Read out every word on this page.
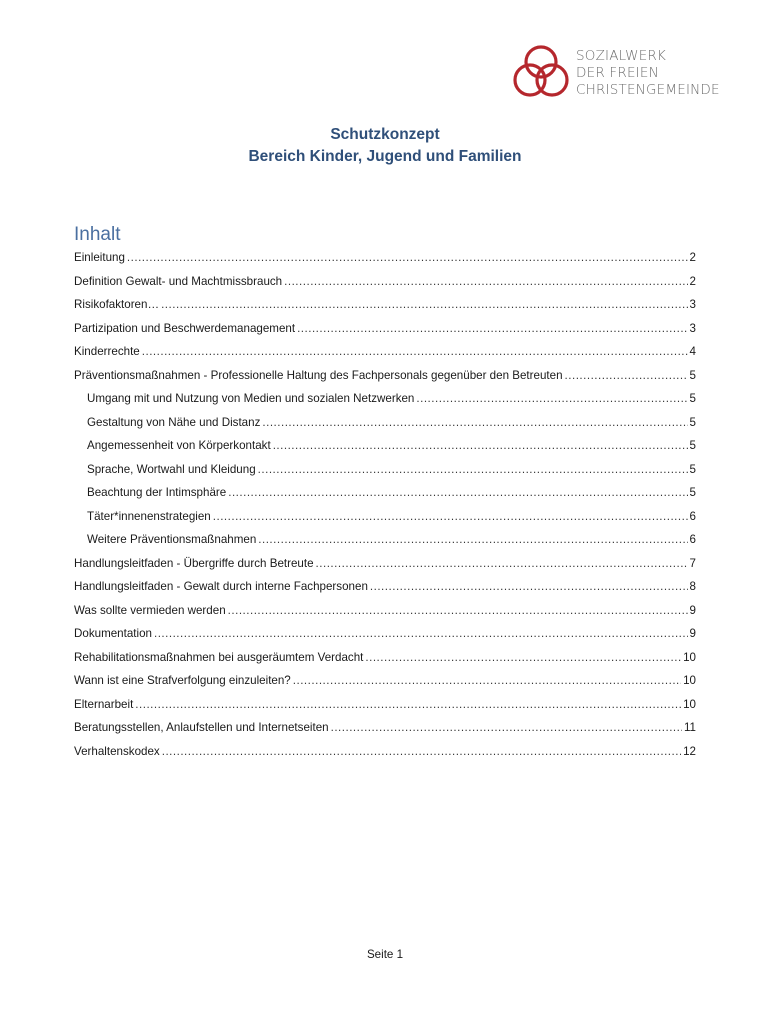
SOZIALWERK
DER FREIEN
CHRISTENGEMEINDE
Schutzkonzept
Bereich Kinder, Jugend und Familien
Inhalt
Einleitung .....	2
Definition Gewalt- und Machtmissbrauch .....	2
Risikofaktoren… .....	3
Partizipation und Beschwerdemanagement .....	3
Kinderrechte .....	4
Präventionsmaßnahmen - Professionelle Haltung des Fachpersonals gegenüber den Betreuten .....	5
Umgang mit und Nutzung von Medien und sozialen Netzwerken .....	5
Gestaltung von Nähe und Distanz .....	5
Angemessenheit von Körperkontakt .....	5
Sprache, Wortwahl und Kleidung .....	5
Beachtung der Intimsphäre .....	5
Täter*innenenstrategien .....	6
Weitere Präventionsmaßnahmen .....	6
Handlungsleitfaden - Übergriffe durch Betreute .....	7
Handlungsleitfaden - Gewalt durch interne Fachpersonen .....	8
Was sollte vermieden werden .....	9
Dokumentation .....	9
Rehabilitationsmaßnahmen bei ausgeräumtem Verdacht .....	10
Wann ist eine Strafverfolgung einzuleiten? .....	10
Elternarbeit .....	10
Beratungsstellen, Anlaufstellen und Internetseiten .....	11
Verhaltenskodex .....	12
Seite 1
